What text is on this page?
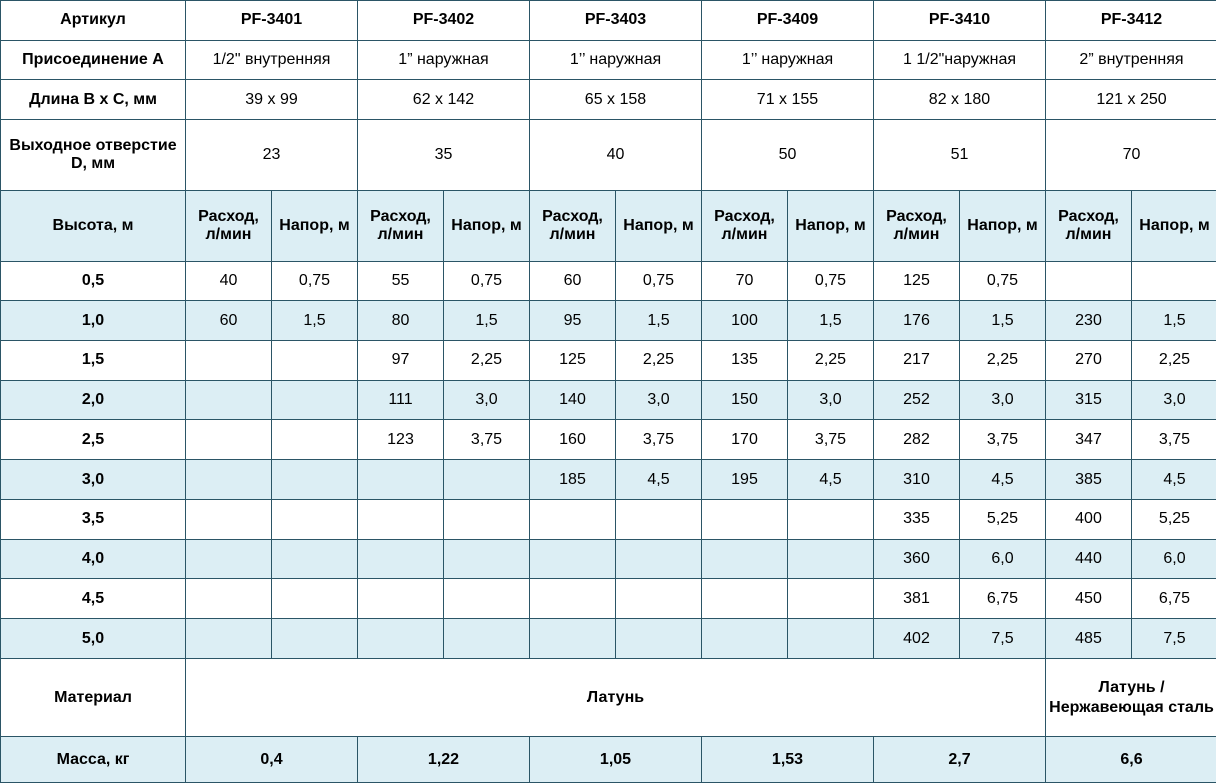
Артикул	PF-3401		PF-3402		PF-3403		PF-3409		PF-3410		PF-3412	
Присоединение A	1/2" внутренняя		1” наружная		1’’ наружная		1’’ наружная		1 1/2"наружная		2” внутренняя	
Длина B x C, мм	39 x 99		62 x 142		65 x 158		71 x 155		82 x 180		121 x 250	
Выходное отверстие D, мм	23		35		40		50		51		70	
Высота, м	Расход, л/мин	Напор, м	Расход, л/мин	Напор, м	Расход, л/мин	Напор, м	Расход, л/мин	Напор, м	Расход, л/мин	Напор, м	Расход, л/мин	Напор, м
0,5	40	0,75	55	0,75	60	0,75	70	0,75	125	0,75		
1,0	60	1,5	80	1,5	95	1,5	100	1,5	176	1,5	230	1,5
1,5			97	2,25	125	2,25	135	2,25	217	2,25	270	2,25
2,0			111	3,0	140	3,0	150	3,0	252	3,0	315	3,0
2,5			123	3,75	160	3,75	170	3,75	282	3,75	347	3,75
3,0					185	4,5	195	4,5	310	4,5	385	4,5
3,5									335	5,25	400	5,25
4,0									360	6,0	440	6,0
4,5									381	6,75	450	6,75
5,0									402	7,5	485	7,5
Материал	Латунь										Латунь / Нержавеющая сталь	
Масса, кг	0,4		1,22		1,05		1,53		2,7		6,6	
